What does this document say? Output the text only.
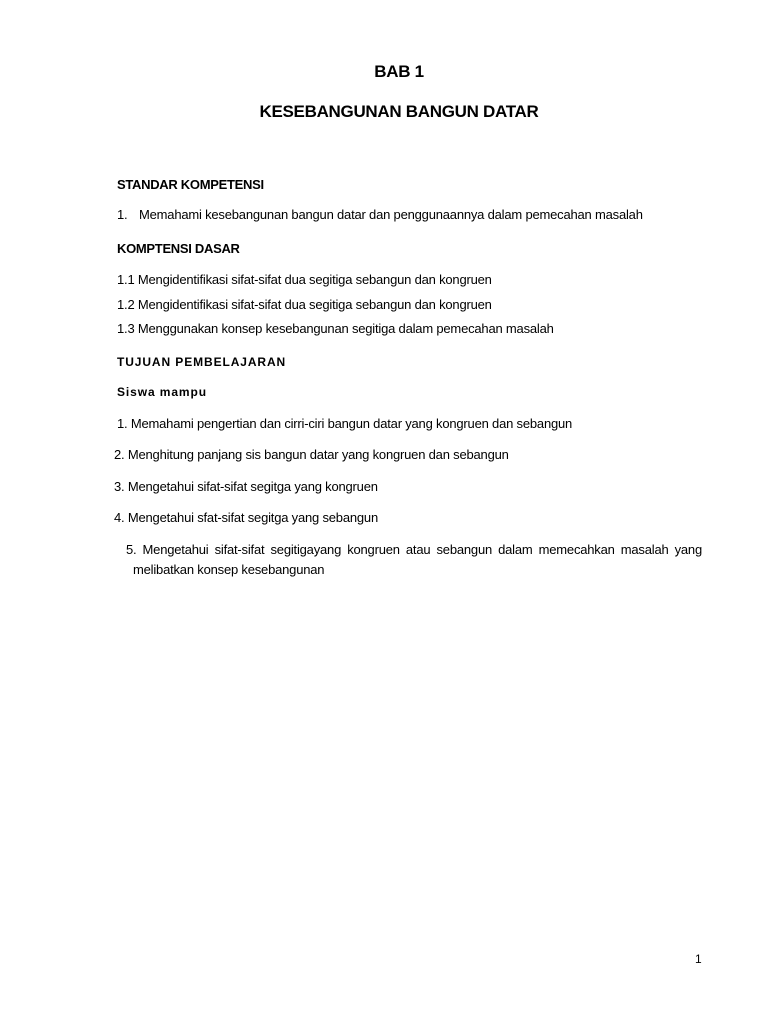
BAB 1
KESEBANGUNAN BANGUN DATAR
STANDAR KOMPETENSI
1. Memahami kesebangunan bangun datar dan penggunaannya dalam pemecahan masalah
KOMPTENSI DASAR
1.1 Mengidentifikasi sifat-sifat dua segitiga sebangun dan kongruen
1.2 Mengidentifikasi sifat-sifat dua segitiga sebangun dan kongruen
1.3 Menggunakan konsep kesebangunan segitiga dalam pemecahan masalah
TUJUAN PEMBELAJARAN
Siswa mampu
1. Memahami pengertian dan cirri-ciri bangun datar yang kongruen dan sebangun
2. Menghitung panjang sis bangun datar yang kongruen dan sebangun
3. Mengetahui sifat-sifat segitga yang kongruen
4. Mengetahui sfat-sifat segitga yang sebangun
5. Mengetahui sifat-sifat segitigayang kongruen atau sebangun dalam memecahkan masalah yang
melibatkan konsep kesebangunan
1
